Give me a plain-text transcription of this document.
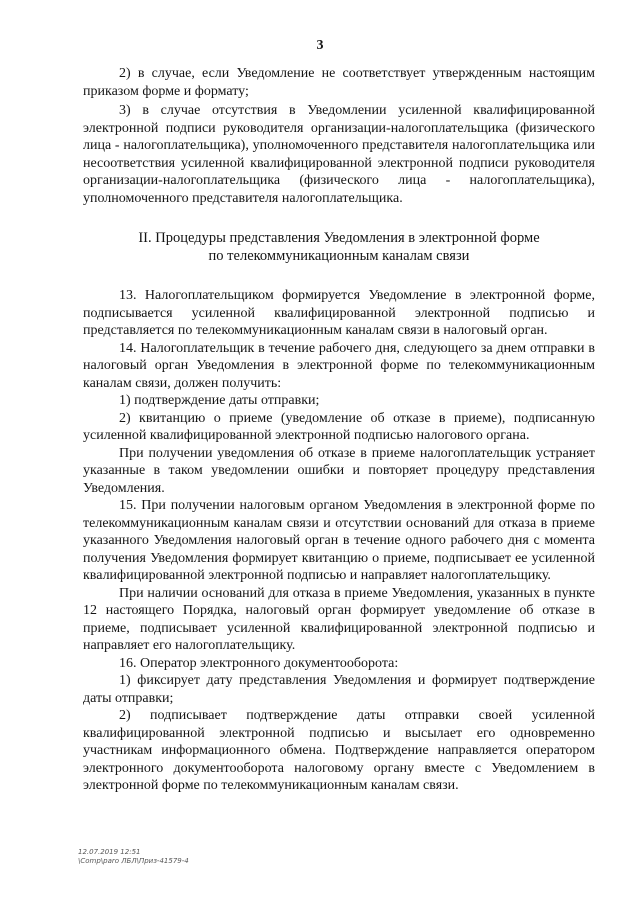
3

2) в случае, если Уведомление не соответствует утвержденным настоящим приказом форме и формату;

3) в случае отсутствия в Уведомлении усиленной квалифицированной электронной подписи руководителя организации-налогоплательщика (физического лица - налогоплательщика), уполномоченного представителя налогоплательщика или несоответствия усиленной квалифицированной электронной подписи руководителя организации-налогоплательщика (физического лица - налогоплательщика), уполномоченного представителя налогоплательщика.

II. Процедуры представления Уведомления в электронной форме

по телекоммуникационным каналам связи

13. Налогоплательщиком формируется Уведомление в электронной форме, подписывается усиленной квалифицированной электронной подписью и представляется по телекоммуникационным каналам связи в налоговый орган.

14. Налогоплательщик в течение рабочего дня, следующего за днем отправки в налоговый орган Уведомления в электронной форме по телекоммуникационным каналам связи, должен получить:

1) подтверждение даты отправки;

2) квитанцию о приеме (уведомление об отказе в приеме), подписанную усиленной квалифицированной электронной подписью налогового органа.

При получении уведомления об отказе в приеме налогоплательщик устраняет указанные в таком уведомлении ошибки и повторяет процедуру представления Уведомления.

15. При получении налоговым органом Уведомления в электронной форме по телекоммуникационным каналам связи и отсутствии оснований для отказа в приеме указанного Уведомления налоговый орган в течение одного рабочего дня с момента получения Уведомления формирует квитанцию о приеме, подписывает ее усиленной квалифицированной электронной подписью и направляет налогоплательщику.

При наличии оснований для отказа в приеме Уведомления, указанных в пункте 12 настоящего Порядка, налоговый орган формирует уведомление об отказе в приеме, подписывает усиленной квалифицированной электронной подписью и направляет его налогоплательщику.

16. Оператор электронного документооборота:

1) фиксирует дату представления Уведомления и формирует подтверждение даты отправки;

2) подписывает подтверждение даты отправки своей усиленной квалифицированной электронной подписью и высылает его одновременно участникам информационного обмена. Подтверждение направляется оператором электронного документооборота налоговому органу вместе с Уведомлением в электронной форме по телекоммуникационным каналам связи.

12.07.2019 12:51
\Comp\paro ЛБЛ\Приз-41579-4
